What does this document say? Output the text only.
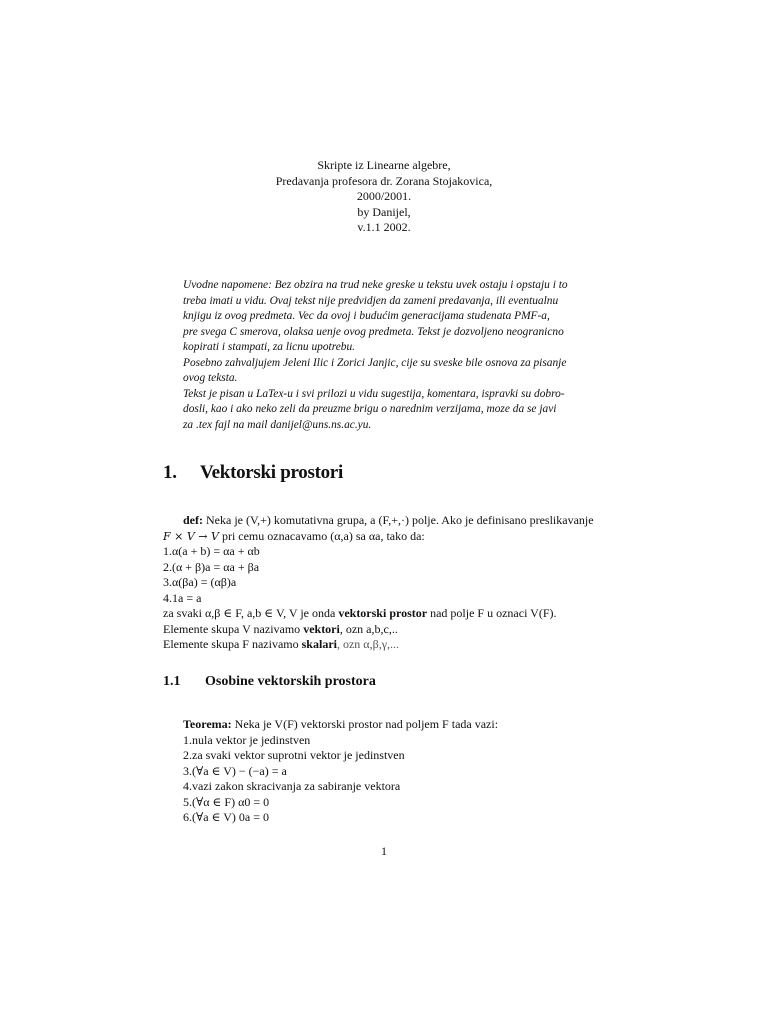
Skripte iz Linearne algebre,
Predavanja profesora dr. Zorana Stojakovica,
2000/2001.
by Danijel,
v.1.1 2002.
Uvodne napomene: Bez obzira na trud neke greske u tekstu uvek ostaju i opstaju i to
treba imati u vidu. Ovaj tekst nije predvidjen da zameni predavanja, ili eventualnu
knjigu iz ovog predmeta. Vec da ovoj i budućim generacijama studenata PMF-a,
pre svega C smerova, olaksa uenje ovog predmeta. Tekst je dozvoljeno neogranicno
kopirati i stampati, za licnu upotrebu.
Posebno zahvaljujem Jeleni Ilic i Zorici Janjic, cije su sveske bile osnova za pisanje
ovog teksta.
Tekst je pisan u LaTex-u i svi prilozi u vidu sugestija, komentara, ispravki su dobro-
dosli, kao i ako neko zeli da preuzme brigu o narednim verzijama, moze da se javi
za .tex fajl na mail danijel@uns.ns.ac.yu.
1. Vektorski prostori
def: Neka je (V,+) komutativna grupa, a (F,+,·) polje. Ako je definisano preslikavanje
F × V → V pri cemu oznacavamo (α,a) sa αa, tako da:
1.α(a + b) = αa + αb
2.(α + β)a = αa + βa
3.α(βa) = (αβ)a
4.1a = a
za svaki α,β ∈ F, a,b ∈ V, V je onda vektorski prostor nad polje F u oznaci V(F).
Elemente skupa V nazivamo vektori, ozn a,b,c,..
Elemente skupa F nazivamo skalari, ozn α,β,γ,...
1.1 Osobine vektorskih prostora
Teorema: Neka je V(F) vektorski prostor nad poljem F tada vazi:
1.nula vektor je jedinstven
2.za svaki vektor suprotni vektor je jedinstven
3.(∀a ∈ V) − (−a) = a
4.vazi zakon skracivanja za sabiranje vektora
5.(∀α ∈ F) α0 = 0
6.(∀a ∈ V) 0a = 0
1
